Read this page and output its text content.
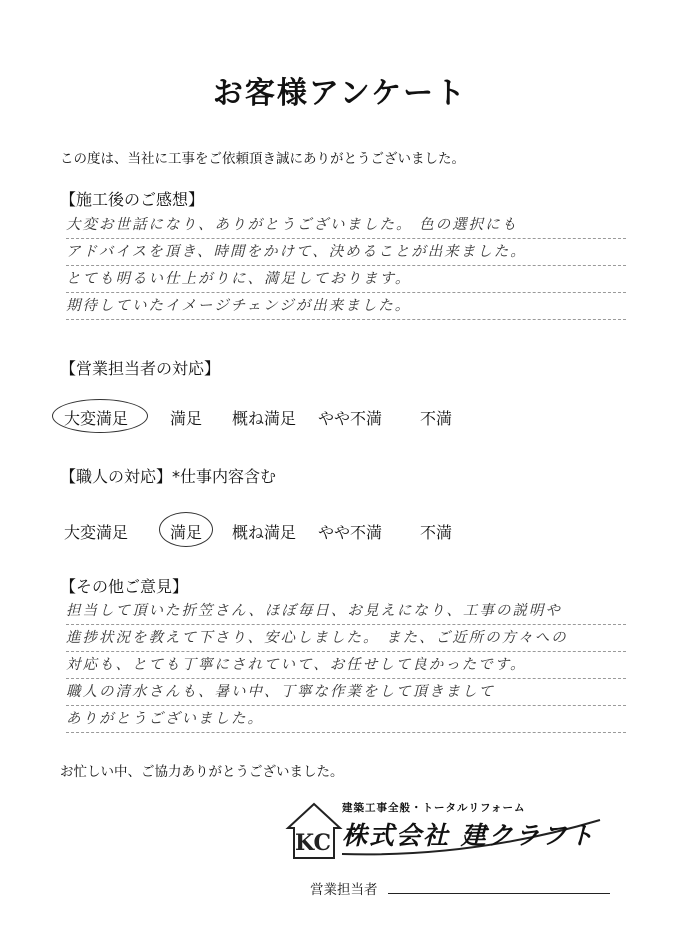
お客様アンケート
この度は、当社に工事をご依頼頂き誠にありがとうございました。
【施工後のご感想】
大変お世話になり、ありがとうございました。 色の選択にも
アドバイスを頂き、時間をかけて、決めることが出来ました。
とても明るい仕上がりに、満足しております。
期待していたイメージチェンジが出来ました。
【営業担当者の対応】
大変満足	満足 概ね満足 やや不満 不満
【職人の対応】*仕事内容含む
大変満足	満足 概ね満足 やや不満 不満
【その他ご意見】
担当して頂いた折笠さん、ほぼ毎日、お見えになり、工事の説明や
進捗状況を教えて下さり、安心しました。 また、ご近所の方々への
対応も、とても丁寧にされていて、お任せして良かったです。
職人の清水さんも、暑い中、丁寧な作業をして頂きまして
ありがとうございました。
お忙しい中、ご協力ありがとうございました。
KC
建築工事全般・トータルリフォーム
株式会社 建クラフト
営業担当者
